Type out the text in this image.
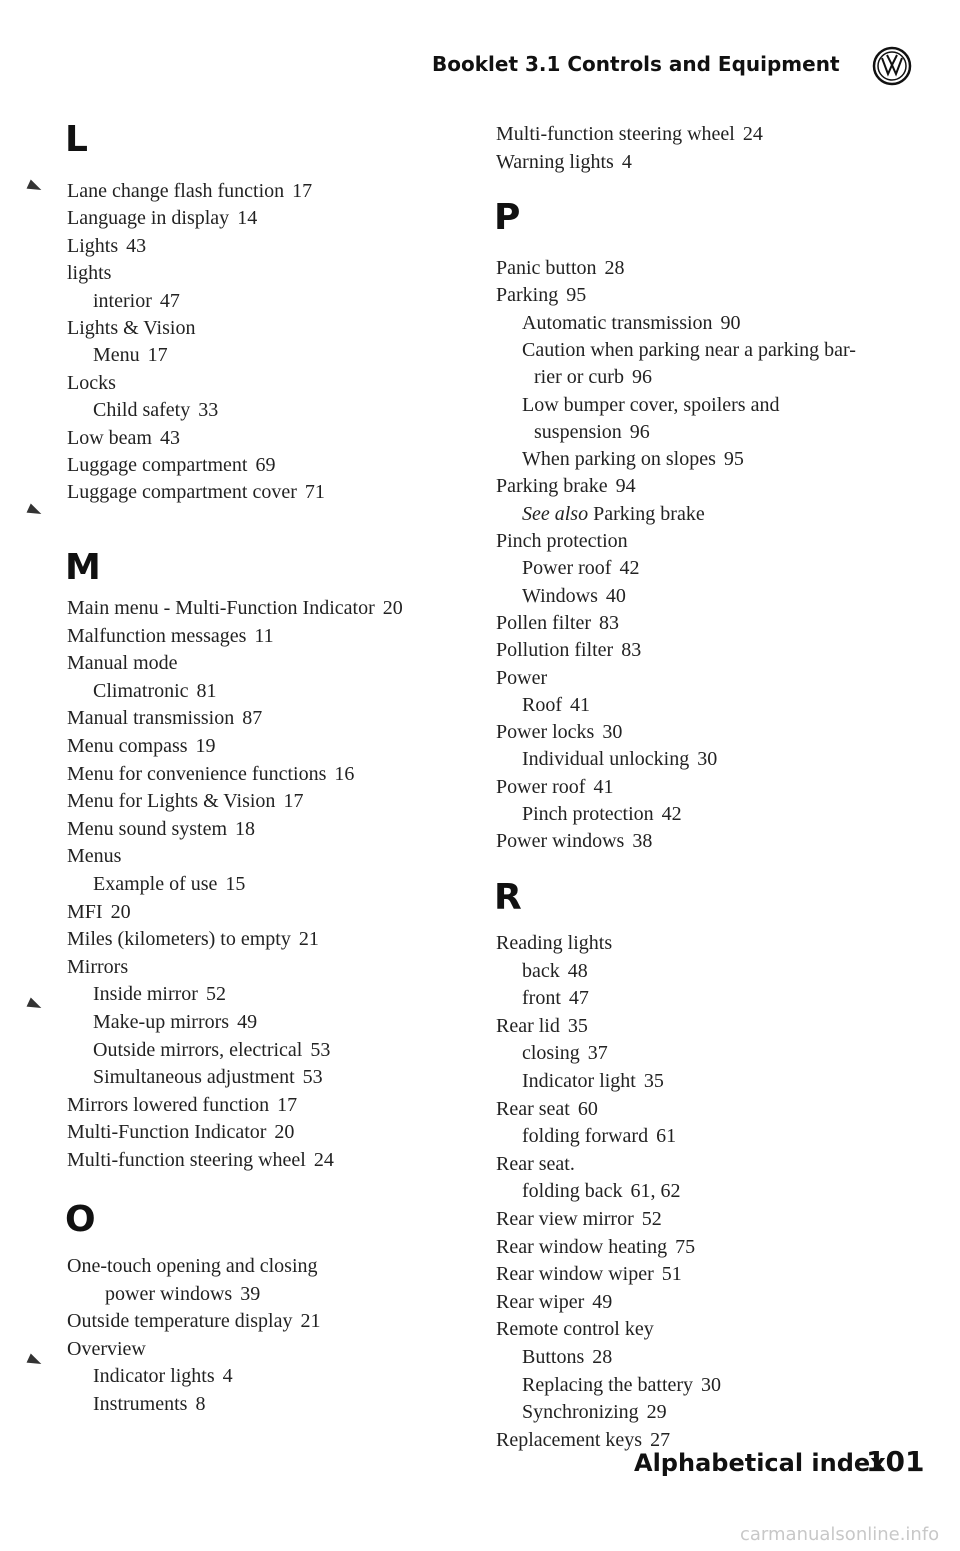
Booklet 3.1 Controls and Equipment
L
Lane change flash function 17
Language in display 14
Lights 43
lights
interior 47
Lights & Vision
Menu 17
Locks
Child safety 33
Low beam 43
Luggage compartment 69
Luggage compartment cover 71
M
Main menu - Multi-Function Indicator 20
Malfunction messages 11
Manual mode
Climatronic 81
Manual transmission 87
Menu compass 19
Menu for convenience functions 16
Menu for Lights & Vision 17
Menu sound system 18
Menus
Example of use 15
MFI 20
Miles (kilometers) to empty 21
Mirrors
Inside mirror 52
Make-up mirrors 49
Outside mirrors, electrical 53
Simultaneous adjustment 53
Mirrors lowered function 17
Multi-Function Indicator 20
Multi-function steering wheel 24
O
One-touch opening and closing
power windows 39
Outside temperature display 21
Overview
Indicator lights 4
Instruments 8
Multi-function steering wheel 24
Warning lights 4
P
Panic button 28
Parking 95
Automatic transmission 90
Caution when parking near a parking bar-
rier or curb 96
Low bumper cover, spoilers and
suspension 96
When parking on slopes 95
Parking brake 94
See also Parking brake
Pinch protection
Power roof 42
Windows 40
Pollen filter 83
Pollution filter 83
Power
Roof 41
Power locks 30
Individual unlocking 30
Power roof 41
Pinch protection 42
Power windows 38
R
Reading lights
back 48
front 47
Rear lid 35
closing 37
Indicator light 35
Rear seat 60
folding forward 61
Rear seat.
folding back 61, 62
Rear view mirror 52
Rear window heating 75
Rear window wiper 51
Rear wiper 49
Remote control key
Buttons 28
Replacing the battery 30
Synchronizing 29
Replacement keys 27
Alphabetical index
101
carmanualsonline.info
